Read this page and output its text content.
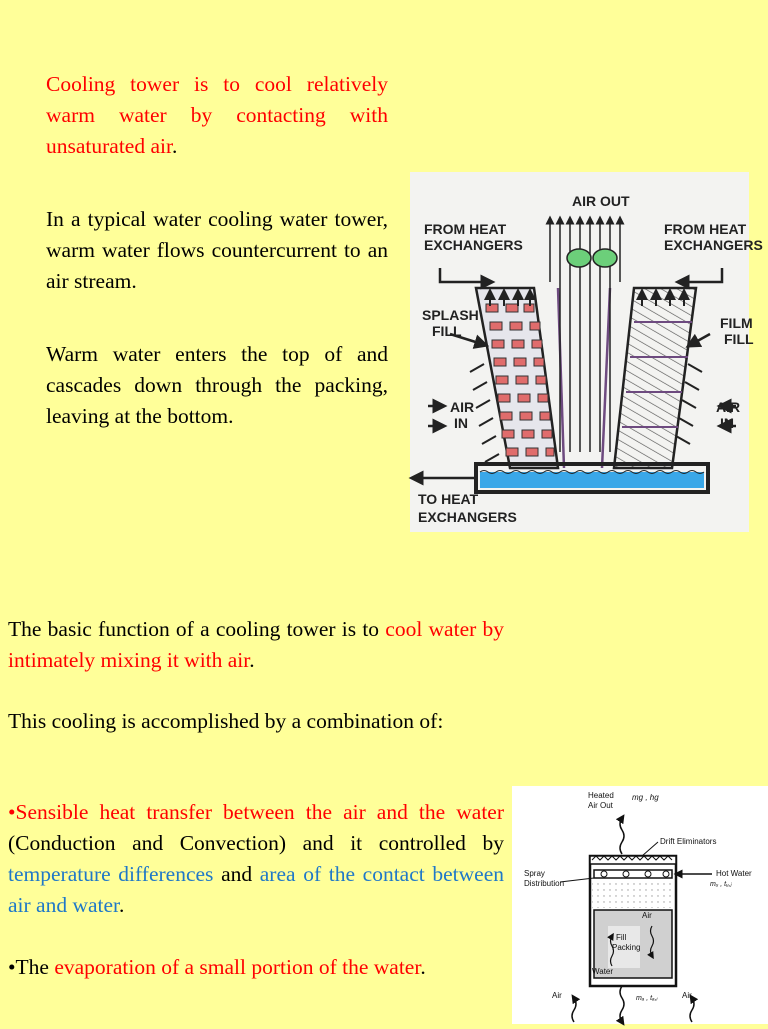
Cooling tower is to cool relatively warm water by contacting with unsaturated air.
In a typical water cooling water tower, warm water flows countercurrent to an air stream.
Warm water enters the top of and cascades down through the packing, leaving at the bottom.
AIR OUT
FROM HEAT
EXCHANGERS
FROM HEAT
EXCHANGERS
SPLASH
FILL	FILM
FILL
AIR
IN
AIR
IN
TO HEAT
EXCHANGERS
The basic function of a cooling tower is to cool water by intimately mixing it with air.
This cooling is accomplished by a combination of:
•Sensible heat transfer between the air and the water (Conduction and Convection) and it controlled by temperature differences and area of the contact between air and water.
•The evaporation of a small portion of the water.
Heated
Air Out
mɡ , hɡ
Drift Eliminators
Spray
Distribution
Hot Water
mᵤ , tᵤ,ⱼ
Air
Fill
Packing
Water
Air	Air
mₐ , tₐ,ᵢ
